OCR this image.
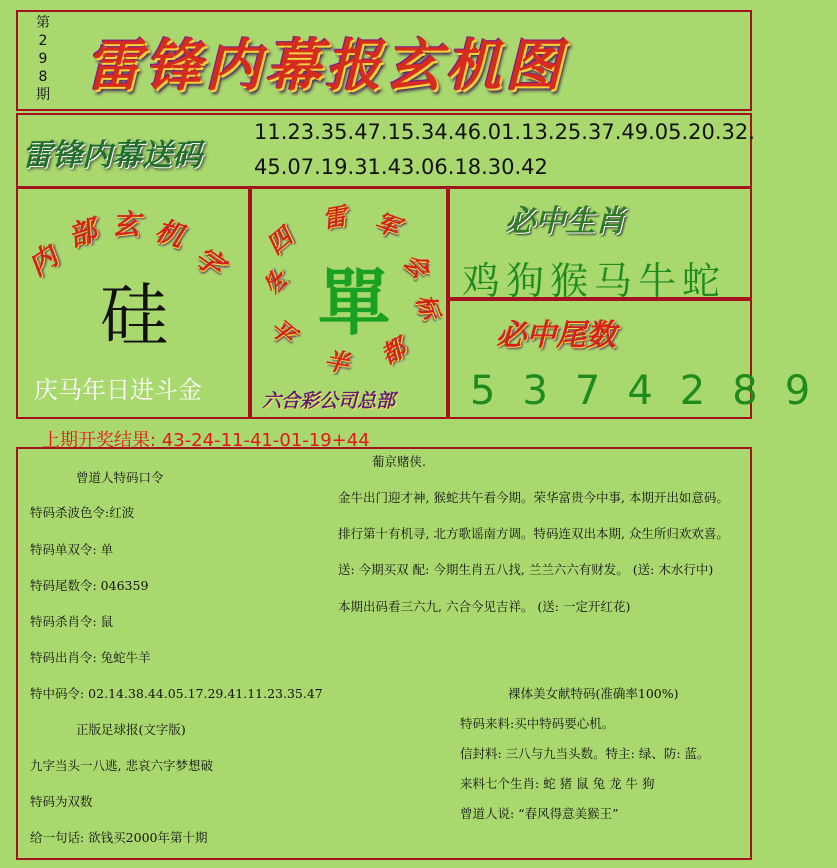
第
2
9
8
期 雷锋内幕报玄机图
雷锋内幕送码
11.23.35.47.15.34.46.01.13.25.37.49.05.20.32.
45.07.19.31.43.06.18.30.42
内
部 玄 机
字
硅
庆马年日进斗金
四
雷 军
会
标
都
半
平
冬 單
六合彩公司总部
必中生肖
鸡狗猴马牛蛇
必中尾数
5374289
上期开奖结果: 43-24-11-41-01-19+44
曾道人特码口令
特码杀波色令:红波
特码单双令: 单
特码尾数令: 046359
特码杀肖令: 鼠
特码出肖令: 兔蛇牛羊
特中码令: 02.14.38.44.05.17.29.41.11.23.35.47
正版足球报(文字版)
九字当头一八逃, 悲哀六字梦想破
特码为双数
给一句话: 欲钱买2000年第十期
葡京赌侠.
金牛出门迎才神, 猴蛇共午看今期。荣华富贵今中事, 本期开出如意码。
排行第十有机寻, 北方歌谣南方调。特码连双出本期, 众生所归欢欢喜。
送: 今期买双 配: 今期生肖五八找, 兰兰六六有财发。 (送: 木水行中)
本期出码看三六九, 六合今见吉祥。 (送: 一定开红花)
裸体美女献特码(准确率100%)
特码来料:买中特码要心机。
信封料: 三八与九当头数。特主: 绿、防: 蓝。
来料七个生肖: 蛇 猪 鼠 兔 龙 牛 狗
曾道人说: “春风得意美猴王”
